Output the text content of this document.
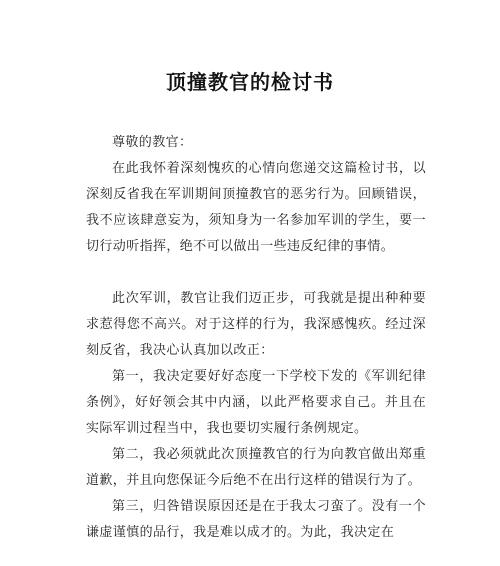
顶撞教官的检讨书

尊敬的教官：

在此我怀着深刻愧疚的心情向您递交这篇检讨书，以深刻反省我在军训期间顶撞教官的恶劣行为。回顾错误，我不应该肆意妄为，须知身为一名参加军训的学生，要一切行动听指挥，绝不可以做出一些违反纪律的事情。

此次军训，教官让我们迈正步，可我就是提出种种要求惹得您不高兴。对于这样的行为，我深感愧疚。经过深刻反省，我决心认真加以改正：

第一，我决定要好好态度一下学校下发的《军训纪律条例》，好好领会其中内涵，以此严格要求自己。并且在实际军训过程当中，我也要切实履行条例规定。

第二，我必须就此次顶撞教官的行为向教官做出郑重道歉，并且向您保证今后绝不在出行这样的错误行为了。

第三，归咎错误原因还是在于我太刁蛮了。没有一个谦虚谨慎的品行，我是难以成才的。为此，我决定在
